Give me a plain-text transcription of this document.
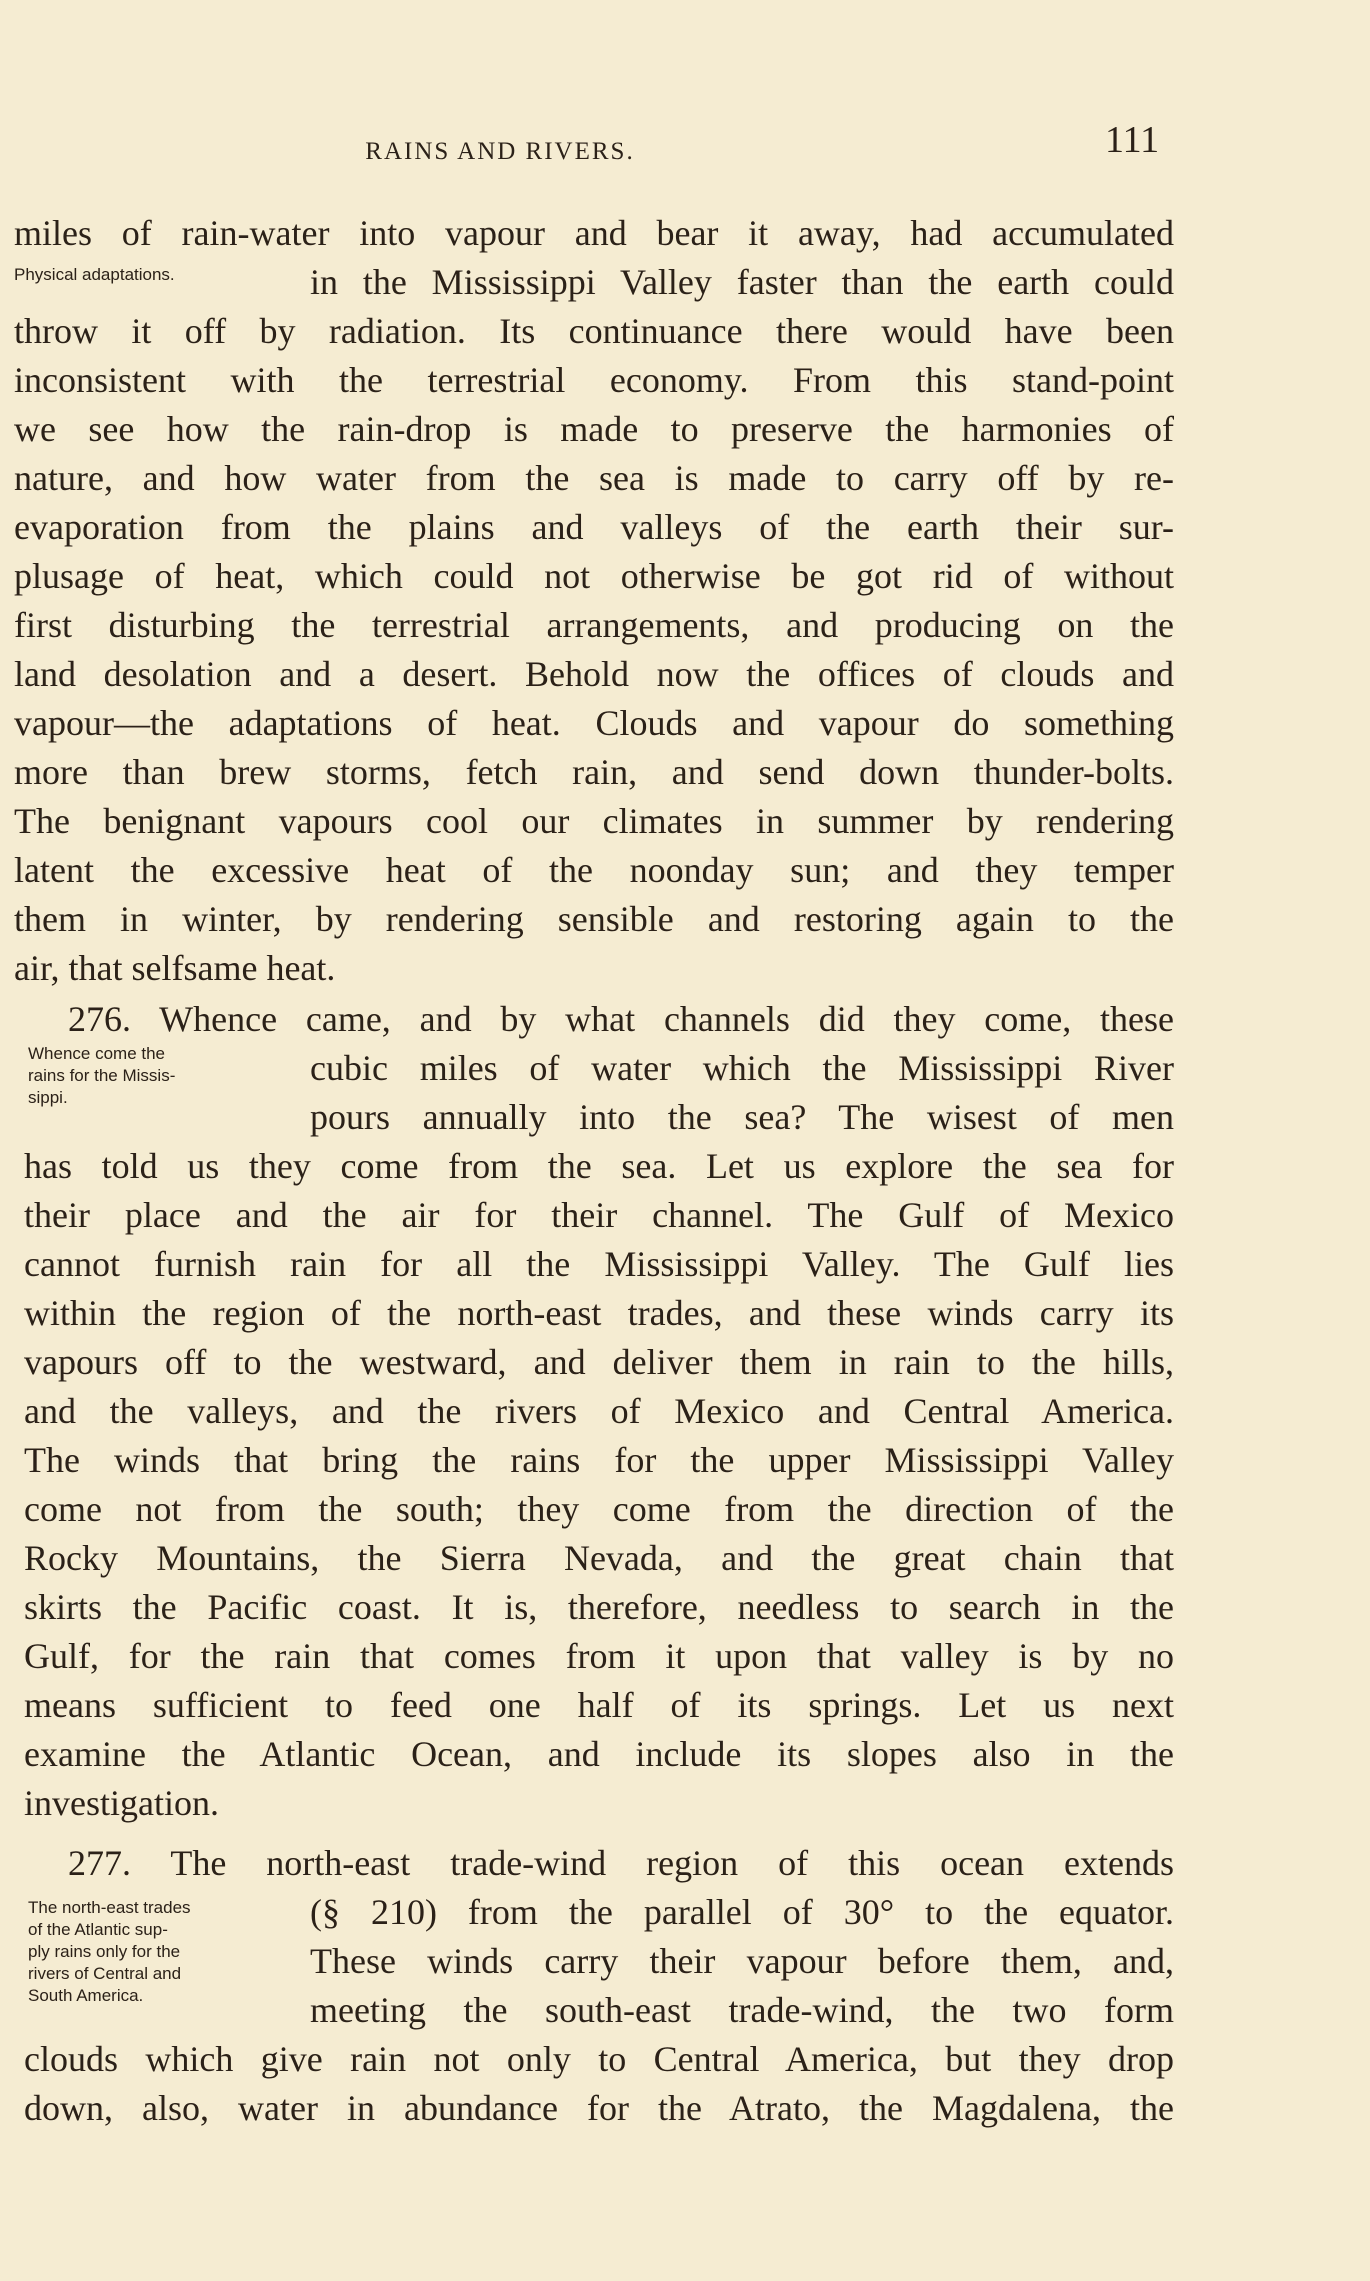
RAINS AND RIVERS.	111
Physical adaptations.
Whence come the
rains for the Missis-
sippi.
The north-east trades
of the Atlantic sup-
ply rains only for the
rivers of Central and
South America.
miles of rain-water into vapour and bear it away, had accumulated
in the Mississippi Valley faster than the earth could
throw it off by radiation. Its continuance there would have been
inconsistent with the terrestrial economy. From this stand-point
we see how the rain-drop is made to preserve the harmonies of
nature, and how water from the sea is made to carry off by re-
evaporation from the plains and valleys of the earth their sur-
plusage of heat, which could not otherwise be got rid of without
first disturbing the terrestrial arrangements, and producing on the
land desolation and a desert. Behold now the offices of clouds and
vapour—the adaptations of heat. Clouds and vapour do something
more than brew storms, fetch rain, and send down thunder-bolts.
The benignant vapours cool our climates in summer by rendering
latent the excessive heat of the noonday sun; and they temper
them in winter, by rendering sensible and restoring again to the
air, that selfsame heat.
276. Whence came, and by what channels did they come, these
cubic miles of water which the Mississippi River
pours annually into the sea? The wisest of men
has told us they come from the sea. Let us explore the sea for
their place and the air for their channel. The Gulf of Mexico
cannot furnish rain for all the Mississippi Valley. The Gulf lies
within the region of the north-east trades, and these winds carry its
vapours off to the westward, and deliver them in rain to the hills,
and the valleys, and the rivers of Mexico and Central America.
The winds that bring the rains for the upper Mississippi Valley
come not from the south; they come from the direction of the
Rocky Mountains, the Sierra Nevada, and the great chain that
skirts the Pacific coast. It is, therefore, needless to search in the
Gulf, for the rain that comes from it upon that valley is by no
means sufficient to feed one half of its springs. Let us next
examine the Atlantic Ocean, and include its slopes also in the
investigation.
277. The north-east trade-wind region of this ocean extends
(§ 210) from the parallel of 30° to the equator.
These winds carry their vapour before them, and,
meeting the south-east trade-wind, the two form
clouds which give rain not only to Central America, but they drop
down, also, water in abundance for the Atrato, the Magdalena, the
